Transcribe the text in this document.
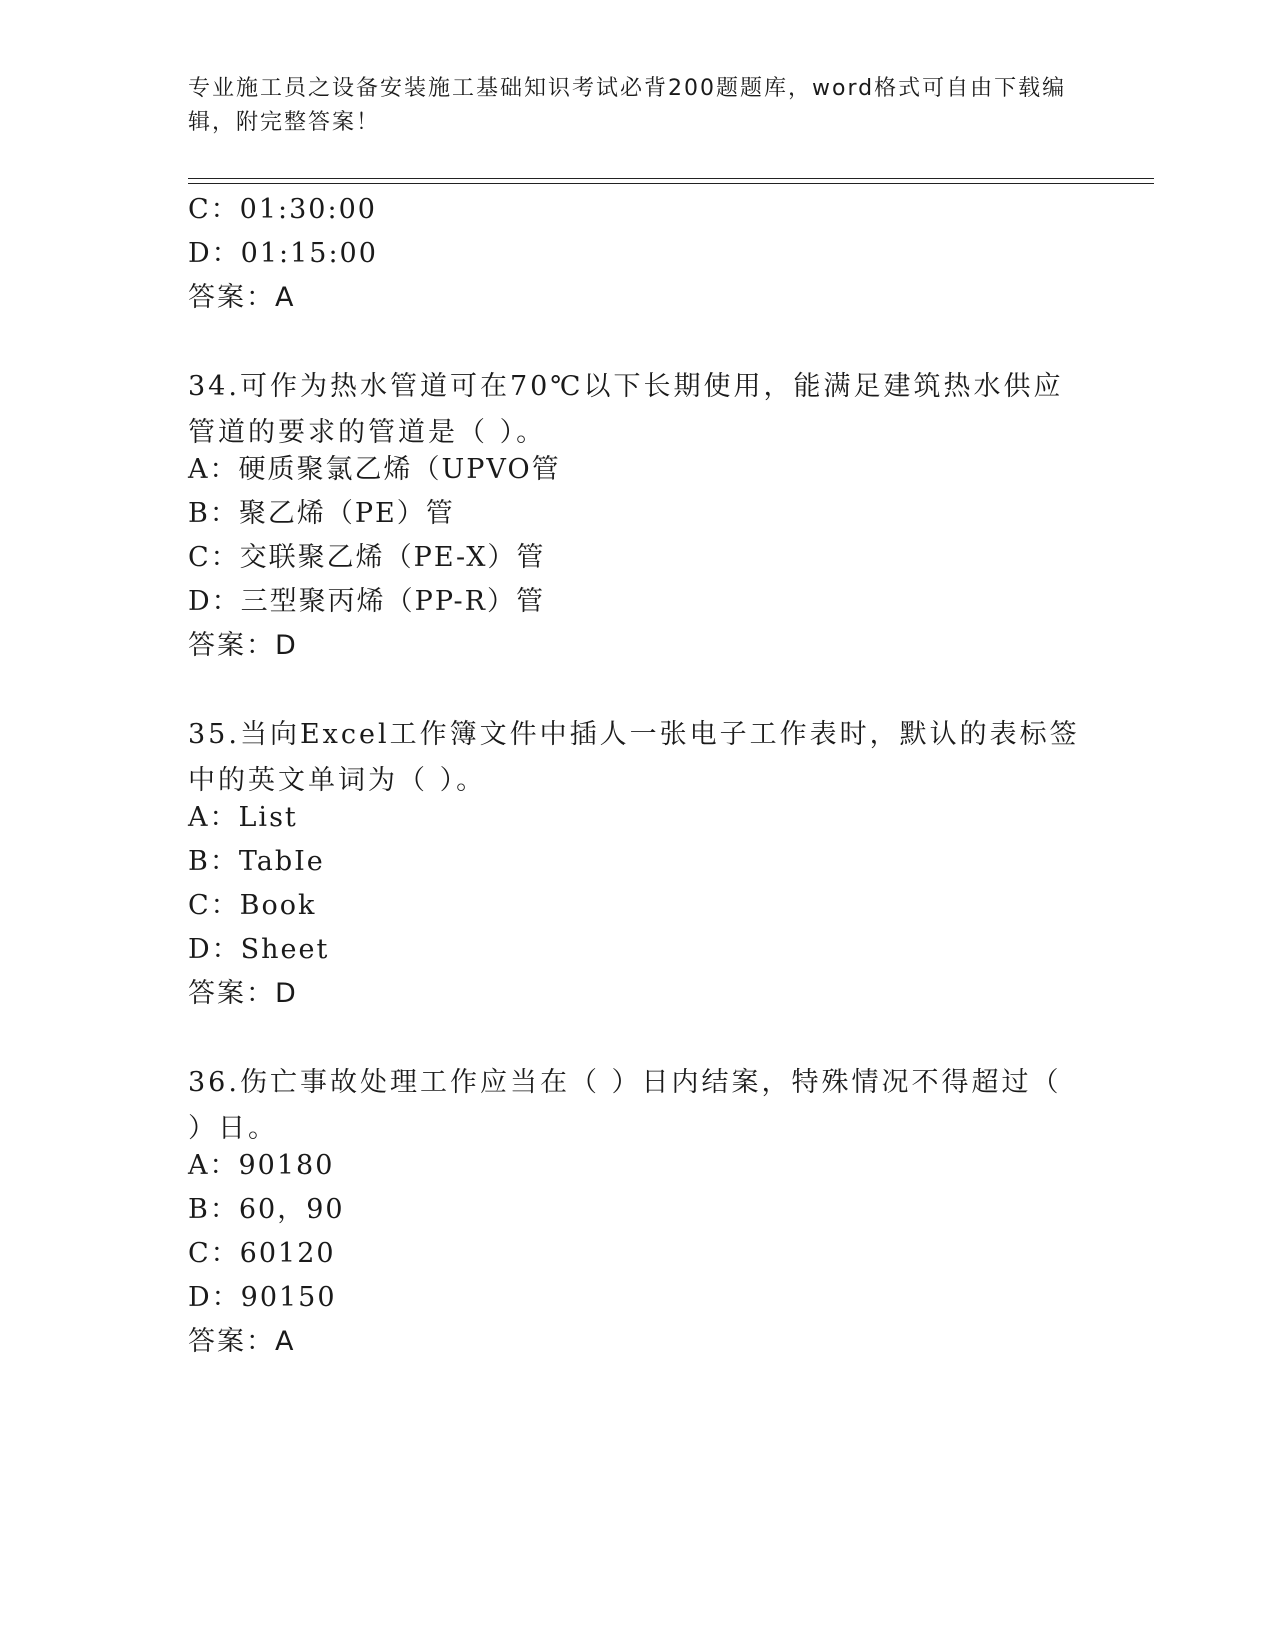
专业施工员之设备安装施工基础知识考试必背200题题库，word格式可自由下载编辑，附完整答案！
C：01:30:00
D：01:15:00
答案：A
34.可作为热水管道可在70℃以下长期使用，能满足建筑热水供应管道的要求的管道是（ ）。
A：硬质聚氯乙烯（UPVO管
B：聚乙烯（PE）管
C：交联聚乙烯（PE-X）管
D：三型聚丙烯（PP-R）管
答案：D
35.当向Excel工作簿文件中插人一张电子工作表时，默认的表标签中的英文单词为（ ）。
A：List
B：TabIe
C：Book
D：Sheet
答案：D
36.伤亡事故处理工作应当在（ ）日内结案，特殊情况不得超过（ ）日。
A：90180
B：60，90
C：60120
D：90150
答案：A
